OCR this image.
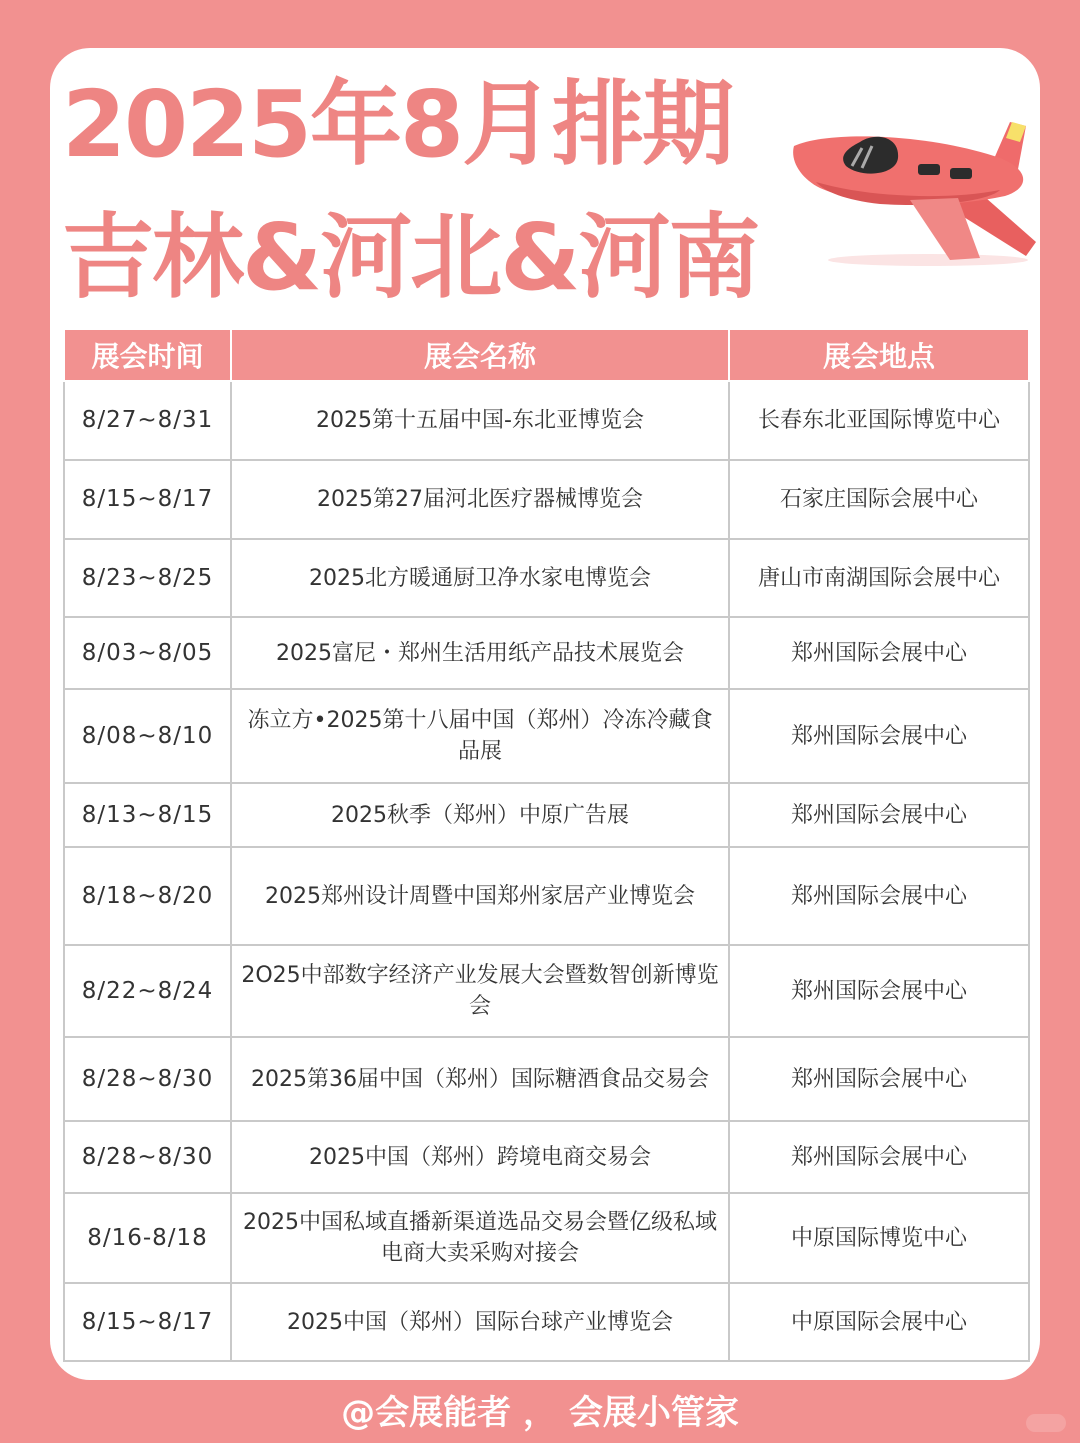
2025年8月排期
吉林&河北&河南
展会时间	展会名称	展会地点
8/27~8/31	2025第十五届中国-东北亚博览会	长春东北亚国际博览中心
8/15~8/17	2025第27届河北医疗器械博览会	石家庄国际会展中心
8/23~8/25	2025北方暖通厨卫净水家电博览会	唐山市南湖国际会展中心
8/03~8/05	2025富尼・郑州生活用纸产品技术展览会	郑州国际会展中心
8/08~8/10	冻立方•2025第十八届中国（郑州）冷冻冷藏食品展	郑州国际会展中心
8/13~8/15	2025秋季（郑州）中原广告展	郑州国际会展中心
8/18~8/20	2025郑州设计周暨中国郑州家居产业博览会	郑州国际会展中心
8/22~8/24	2O25中部数字经济产业发展大会暨数智创新博览会	郑州国际会展中心
8/28~8/30	2025第36届中国（郑州）国际糖酒食品交易会	郑州国际会展中心
8/28~8/30	2025中国（郑州）跨境电商交易会	郑州国际会展中心
8/16-8/18	2025中国私域直播新渠道选品交易会暨亿级私域电商大卖采购对接会	中原国际博览中心
8/15~8/17	2025中国（郑州）国际台球产业博览会	中原国际会展中心
@会展能者 ， 会展小管家
